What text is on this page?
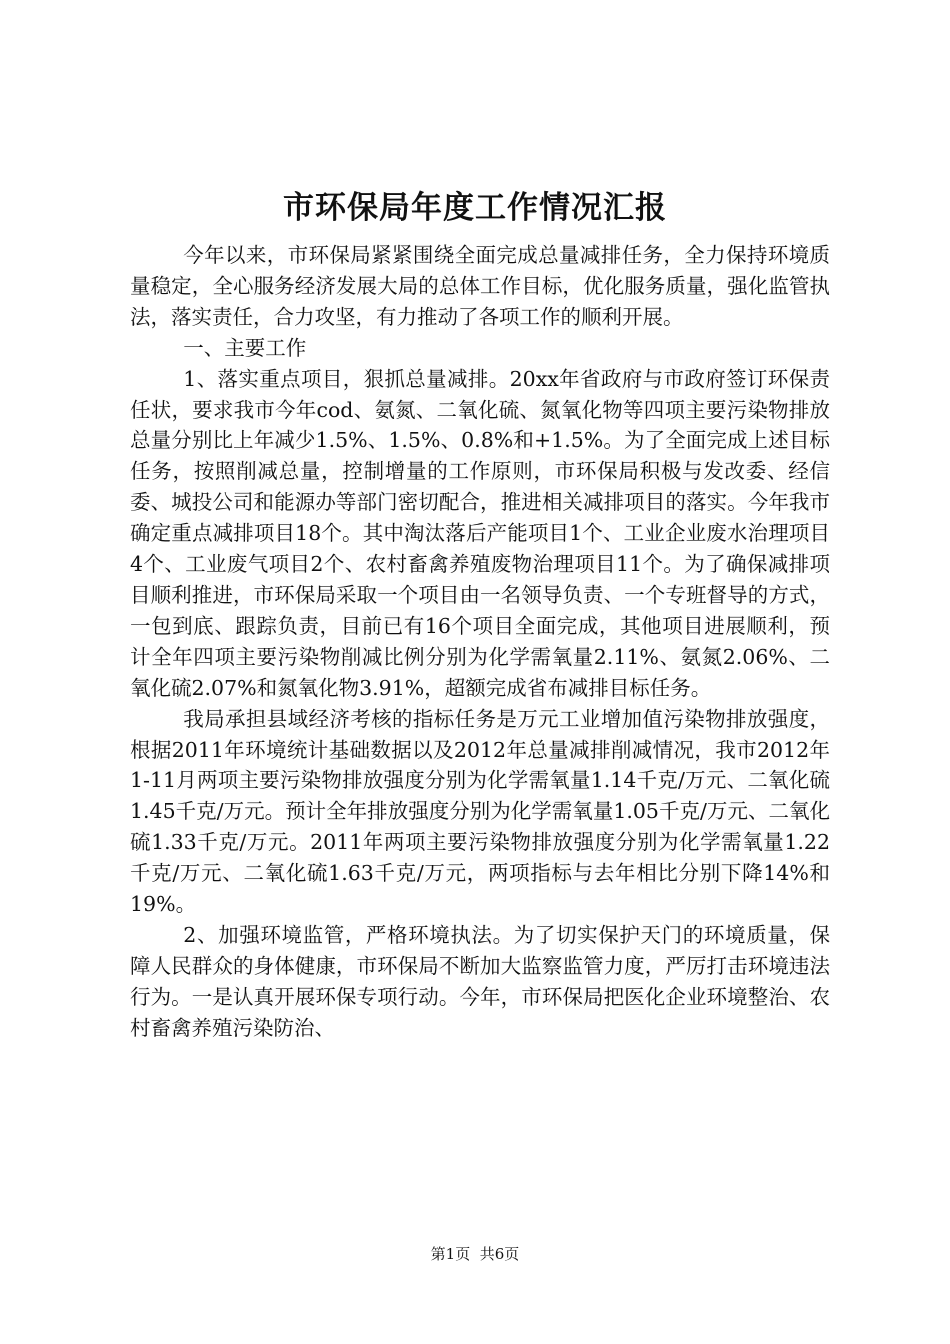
市环保局年度工作情况汇报

今年以来，市环保局紧紧围绕全面完成总量减排任务，全力保持环境质量稳定，全心服务经济发展大局的总体工作目标，优化服务质量，强化监管执法，落实责任，合力攻坚，有力推动了各项工作的顺利开展。

一、主要工作

1、落实重点项目，狠抓总量减排。20xx年省政府与市政府签订环保责任状，要求我市今年cod、氨氮、二氧化硫、氮氧化物等四项主要污染物排放总量分别比上年减少1.5%、1.5%、0.8%和+1.5%。为了全面完成上述目标任务，按照削减总量，控制增量的工作原则，市环保局积极与发改委、经信委、城投公司和能源办等部门密切配合，推进相关减排项目的落实。今年我市确定重点减排项目18个。其中淘汰落后产能项目1个、工业企业废水治理项目4个、工业废气项目2个、农村畜禽养殖废物治理项目11个。为了确保减排项目顺利推进，市环保局采取一个项目由一名领导负责、一个专班督导的方式，一包到底、跟踪负责，目前已有16个项目全面完成，其他项目进展顺利，预计全年四项主要污染物削减比例分别为化学需氧量2.11%、氨氮2.06%、二氧化硫2.07%和氮氧化物3.91%，超额完成省布减排目标任务。

我局承担县域经济考核的指标任务是万元工业增加值污染物排放强度，根据2011年环境统计基础数据以及2012年总量减排削减情况，我市2012年1-11月两项主要污染物排放强度分别为化学需氧量1.14千克/万元、二氧化硫1.45千克/万元。预计全年排放强度分别为化学需氧量1.05千克/万元、二氧化硫1.33千克/万元。2011年两项主要污染物排放强度分别为化学需氧量1.22千克/万元、二氧化硫1.63千克/万元，两项指标与去年相比分别下降14%和19%。

2、加强环境监管，严格环境执法。为了切实保护天门的环境质量，保障人民群众的身体健康，市环保局不断加大监察监管力度，严厉打击环境违法行为。一是认真开展环保专项行动。今年，市环保局把医化企业环境整治、农村畜禽养殖污染防治、

第1页 共6页
